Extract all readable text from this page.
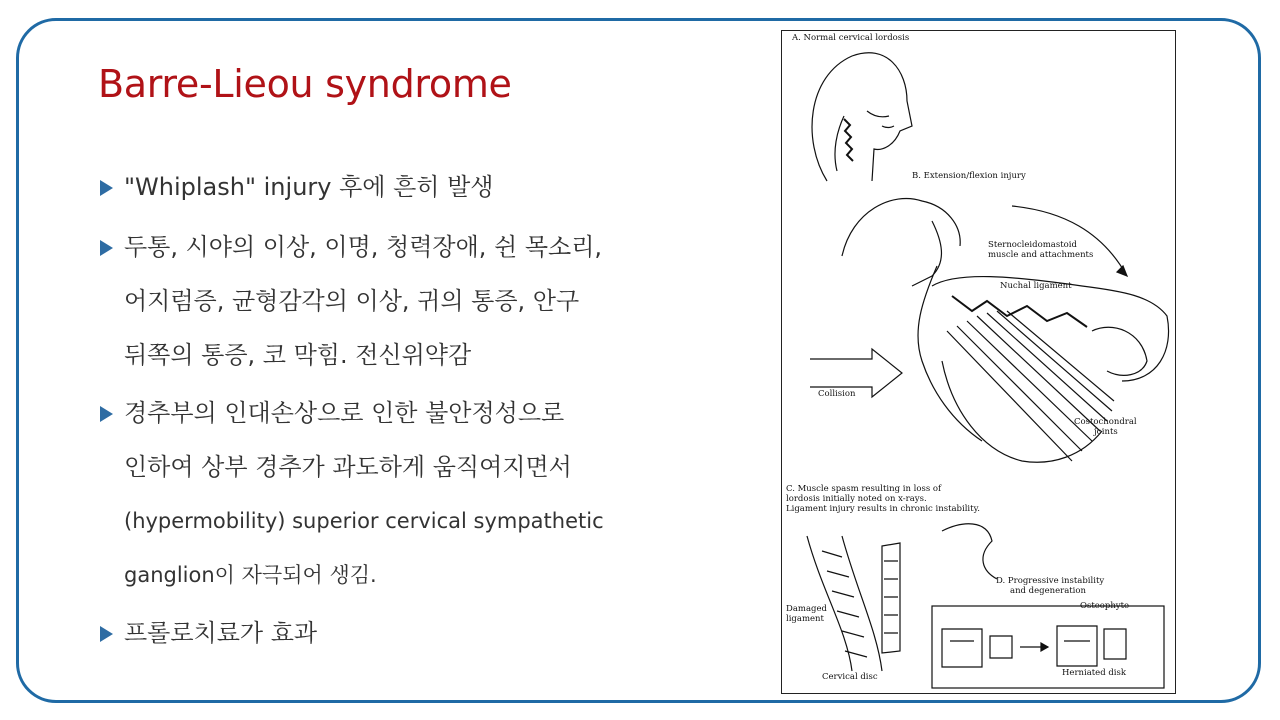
Barre-Lieou syndrome
"Whiplash" injury 후에 흔히 발생
두통, 시야의 이상, 이명, 청력장애, 쉰 목소리,
어지럼증, 균형감각의 이상, 귀의 통증, 안구
뒤쪽의 통증, 코 막힘. 전신위약감
경추부의 인대손상으로 인한 불안정성으로
인하여 상부 경추가 과도하게 움직여지면서
(hypermobility) superior cervical sympathetic
ganglion이 자극되어 생김.
프롤로치료가 효과
A. Normal cervical lordosis
B. Extension/flexion injury
Sternocleidomastoid
muscle and attachments
Nuchal ligament
Collision
Costochondral
joints
C. Muscle spasm resulting in loss of
lordosis initially noted on x-rays.
Ligament injury results in chronic instability.
Damaged
ligament
Cervical disc
D. Progressive instability
and degeneration
Osteophyte
Herniated disk
